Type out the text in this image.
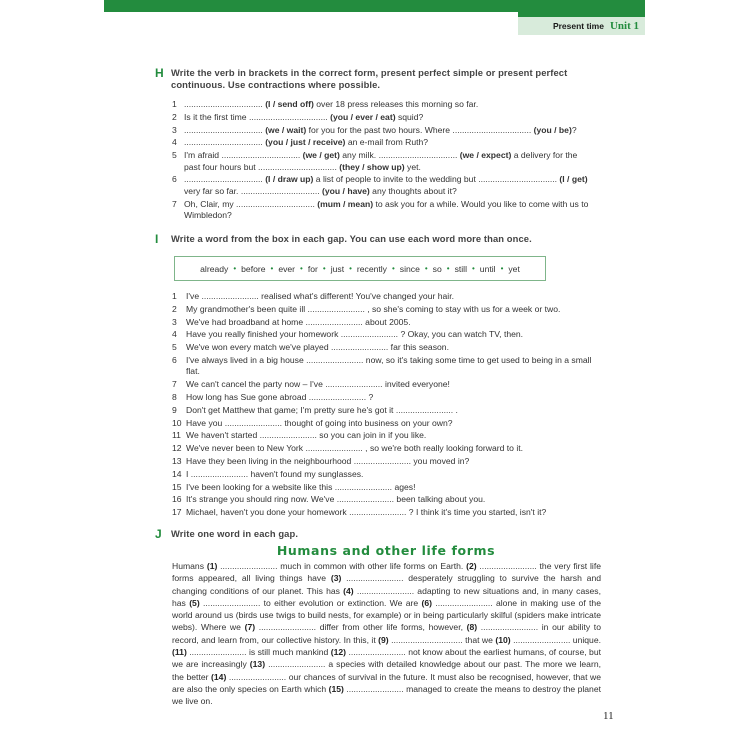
Present time Unit 1
H Write the verb in brackets in the correct form, present perfect simple or present perfect continuous. Use contractions where possible.
1 ................................. (I / send off) over 18 press releases this morning so far.
2 Is it the first time ................................. (you / ever / eat) squid?
3 ................................. (we / wait) for you for the past two hours. Where ................................. (you / be)?
4 ................................. (you / just / receive) an e-mail from Ruth?
5 I'm afraid ................................. (we / get) any milk. ................................. (we / expect) a delivery for the past four hours but ................................. (they / show up) yet.
6 ................................. (I / draw up) a list of people to invite to the wedding but ................................. (I / get) very far so far. ................................. (you / have) any thoughts about it?
7 Oh, Clair, my ................................. (mum / mean) to ask you for a while. Would you like to come with us to Wimbledon?
I Write a word from the box in each gap. You can use each word more than once.
already • before • ever • for • just • recently • since • so • still • until • yet
1	I've ........................ realised what's different! You've changed your hair.
2	My grandmother's been quite ill ........................ , so she's coming to stay with us for a week or two.
3	We've had broadband at home ........................ about 2005.
4	Have you really finished your homework ........................ ? Okay, you can watch TV, then.
5	We've won every match we've played ........................ far this season.
6	I've always lived in a big house ........................ now, so it's taking some time to get used to being in a small flat.
7	We can't cancel the party now – I've ........................ invited everyone!
8	How long has Sue gone abroad ........................ ?
9	Don't get Matthew that game; I'm pretty sure he's got it ........................ .
10 Have you ........................ thought of going into business on your own?
11 We haven't started ........................ so you can join in if you like.
12 We've never been to New York ........................ , so we're both really looking forward to it.
13 Have they been living in the neighbourhood ........................ you moved in?
14 I ........................ haven't found my sunglasses.
15 I've been looking for a website like this ........................ ages!
16 It's strange you should ring now. We've ........................ been talking about you.
17 Michael, haven't you done your homework ........................ ? I think it's time you started, isn't it?
J Write one word in each gap.
Humans and other life forms
Humans (1) ........................ much in common with other life forms on Earth. (2) ........................ the very first life forms appeared, all living things have (3) ........................ desperately struggling to survive the harsh and changing conditions of our planet. This has (4) ........................ adapting to new situations and, in many cases, has (5) ........................ to either evolution or extinction. We are (6) ........................ alone in making use of the world around us (birds use twigs to build nests, for example) or in being particularly skilful (spiders make intricate webs). Where we (7) ........................ differ from other life forms, however, (8) ........................ in our ability to record, and learn from, our collective history. In this, it (9) .............................. that we (10) ........................ unique. (11) ........................ is still much mankind (12) ........................ not know about the earliest humans, of course, but we are increasingly (13) ........................ a species with detailed knowledge about our past. The more we learn, the better (14) ........................ our chances of survival in the future. It must also be recognised, however, that we are also the only species on Earth which (15) ........................ managed to create the means to destroy the planet we live on.
11
